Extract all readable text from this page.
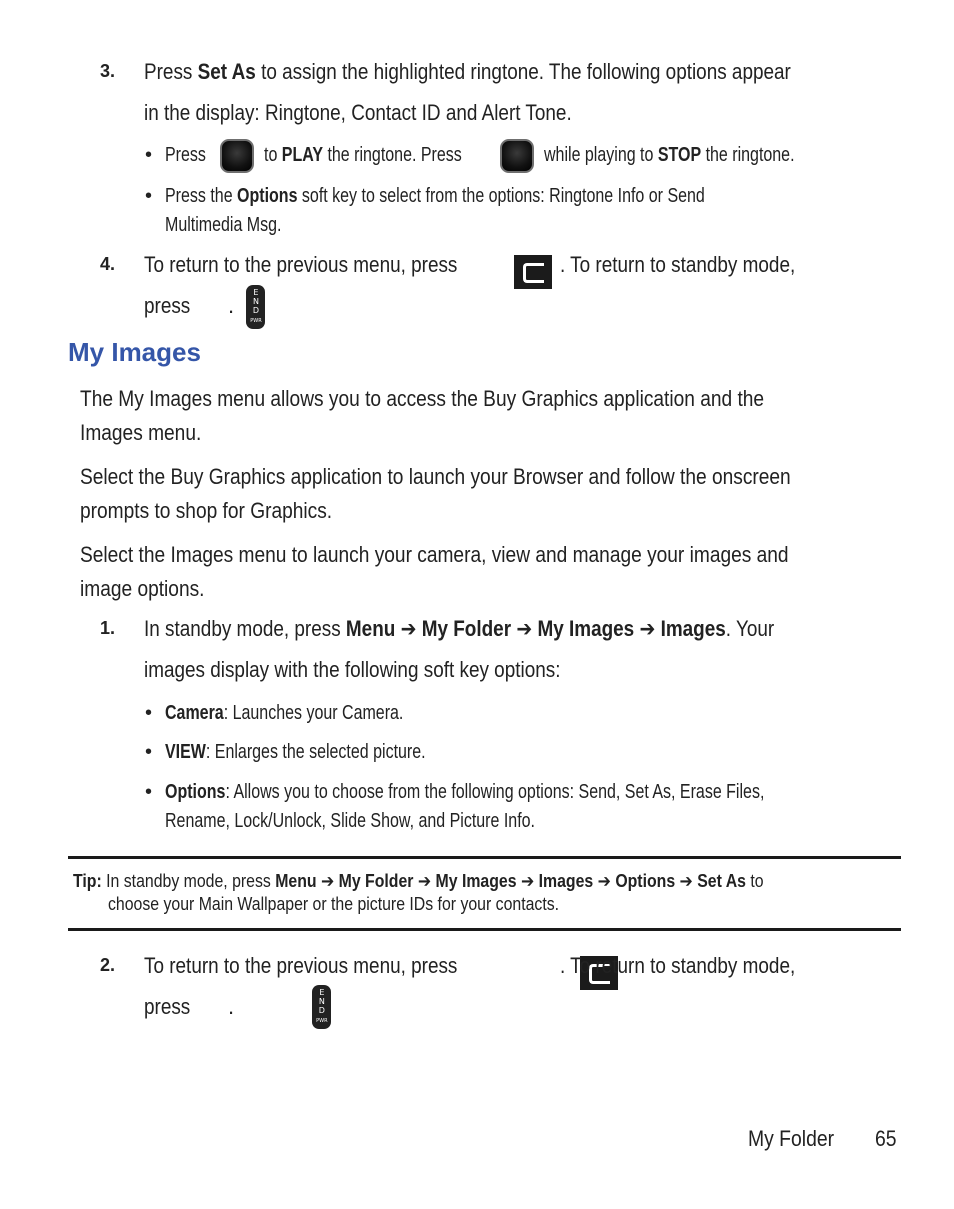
3. Press Set As to assign the highlighted ringtone. The following options appear
in the display: Ringtone, Contact ID and Alert Tone.
• Press	to PLAY the ringtone. Press	while playing to STOP the ringtone.
• Press the Options soft key to select from the options: Ringtone Info or Send
Multimedia Msg.
4. To return to the previous menu, press
	. To return to standby mode,
press
E
N
D
PWR

.
My Images
The My Images menu allows you to access the Buy Graphics application and the
Images menu.
Select the Buy Graphics application to launch your Browser and follow the onscreen
prompts to shop for Graphics.
Select the Images menu to launch your camera, view and manage your images and
image options.
1. In standby mode, press Menu ➔ My Folder ➔ My Images ➔ Images. Your
images display with the following soft key options:
• Camera: Launches your Camera.
• VIEW: Enlarges the selected picture.
• Options: Allows you to choose from the following options: Send, Set As, Erase Files,
Rename, Lock/Unlock, Slide Show, and Picture Info.
Tip: In standby mode, press Menu ➔ My Folder ➔ My Images ➔ Images ➔ Options ➔ Set As to
choose your Main Wallpaper or the picture IDs for your contacts.
2. To return to the previous menu, press
	. To return to standby mode,
press
E
N
D
PWR
.
My Folder	65
